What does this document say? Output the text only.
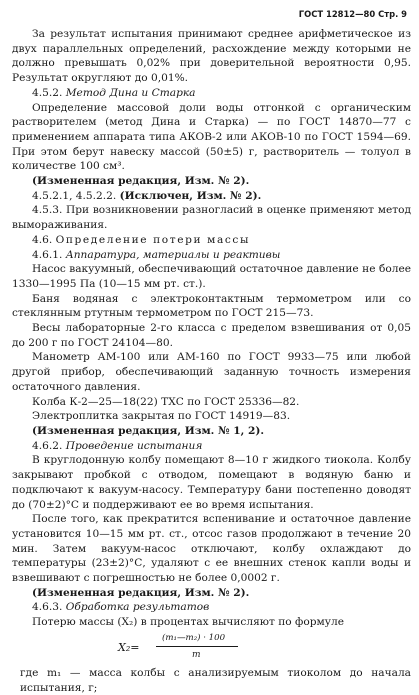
ГОСТ 12812—80 Стр. 9

За результат испытания принимают среднее арифметическое из двух параллельных определений, расхождение между которыми не должно превышать 0,02% при доверительной вероятности 0,95. Результат округляют до 0,01%.

4.5.2. Метод Дина и Старка

Определение массовой доли воды отгонкой с органическим растворителем (метод Дина и Старка) — по ГОСТ 14870—77 с применением аппарата типа АКОВ-2 или АКОВ-10 по ГОСТ 1594—69. При этом берут навеску массой (50±5) г, растворитель — толуол в количестве 100 см³.

(Измененная редакция, Изм. № 2).

4.5.2.1, 4.5.2.2. (Исключен, Изм. № 2).

4.5.3. При возникновении разногласий в оценке применяют метод вымораживания.

4.6. Определение потери массы

4.6.1. Аппаратура, материалы и реактивы

Насос вакуумный, обеспечивающий остаточное давление не более 1330—1995 Па (10—15 мм рт. ст.).

Баня водяная с электроконтактным термометром или со стеклянным ртутным термометром по ГОСТ 215—73.

Весы лабораторные 2-го класса с пределом взвешивания от 0,05 до 200 г по ГОСТ 24104—80.

Манометр АМ-100 или АМ-160 по ГОСТ 9933—75 или любой другой прибор, обеспечивающий заданную точность измерения остаточного давления.

Колба К-2—25—18(22) ТХС по ГОСТ 25336—82.

Электроплитка закрытая по ГОСТ 14919—83.

(Измененная редакция, Изм. № 1, 2).

4.6.2. Проведение испытания

В круглодонную колбу помещают 8—10 г жидкого тиокола. Колбу закрывают пробкой с отводом, помещают в водяную баню и подключают к вакуум-насосу. Температуру бани постепенно доводят до (70±2)°С и поддерживают ее во время испытания.

После того, как прекратится вспенивание и остаточное давление установится 10—15 мм рт. ст., отсос газов продолжают в течение 20 мин. Затем вакуум-насос отключают, колбу охлаждают до температуры (23±2)°С, удаляют с ее внешних стенок капли воды и взвешивают с погрешностью не более 0,0002 г.

(Измененная редакция, Изм. № 2).

4.6.3. Обработка результатов

Потерю массы (X₂) в процентах вычисляют по формуле

X₂=
(m₁—m₂) · 100
m

где m₁ — масса колбы с анализируемым тиоколом до начала испытания, г;
